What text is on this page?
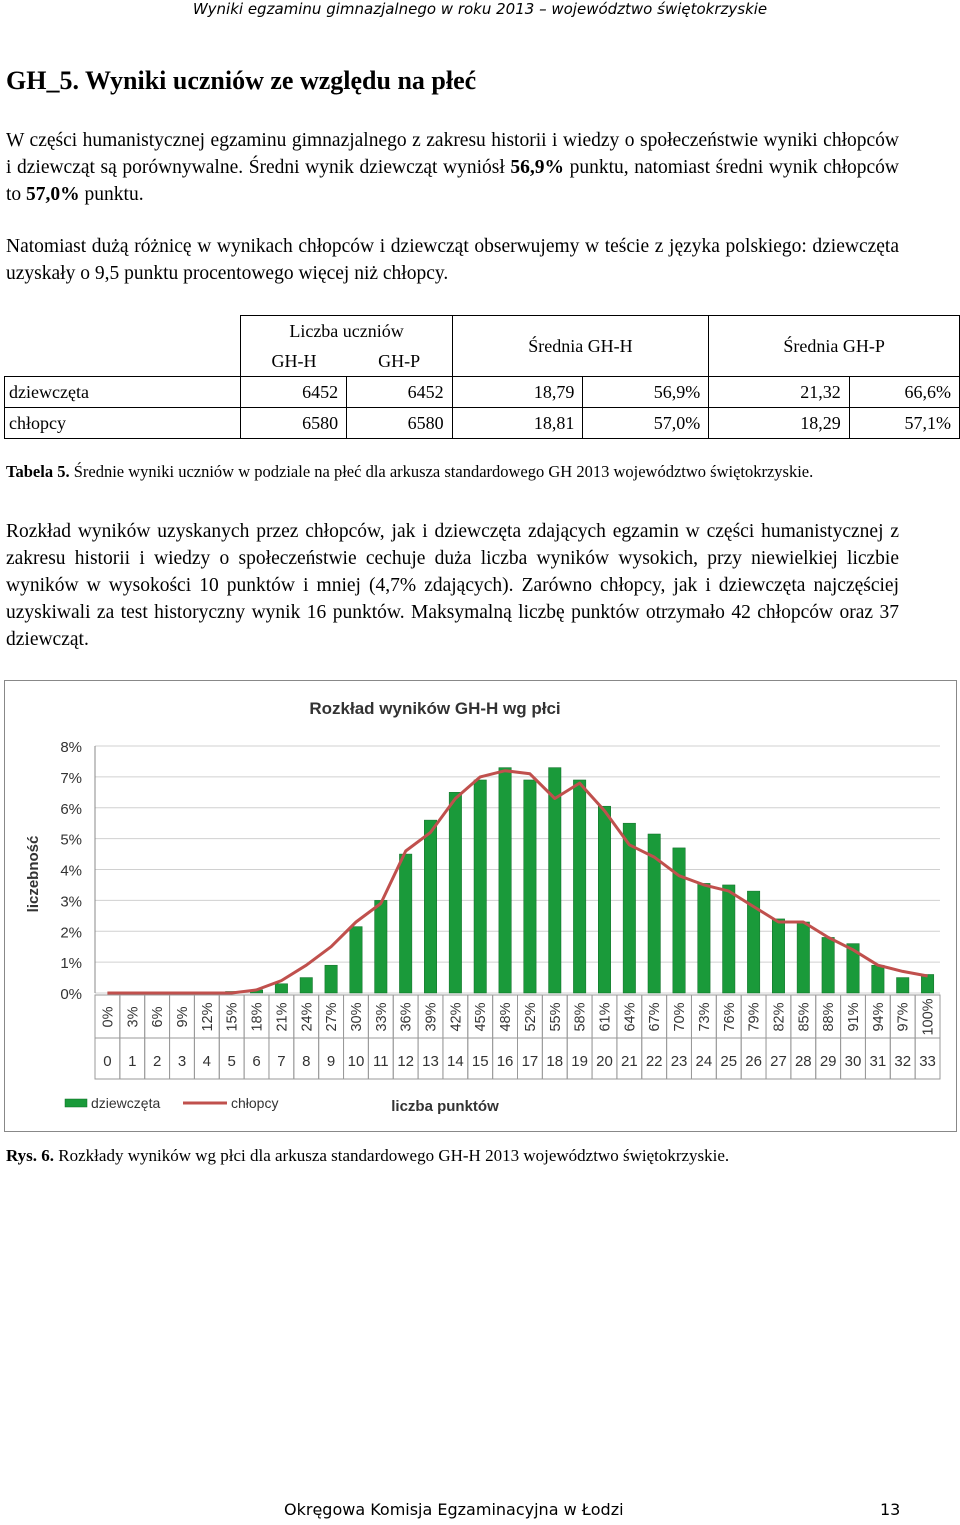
Wyniki egzaminu gimnazjalnego w roku 2013 – województwo świętokrzyskie
GH_5. Wyniki uczniów ze względu na płeć
W części humanistycznej egzaminu gimnazjalnego z zakresu historii i wiedzy o społeczeństwie wyniki chłopców i dziewcząt są porównywalne. Średni wynik dziewcząt wyniósł 56,9% punktu, natomiast średni wynik chłopców to 57,0% punktu.
Natomiast dużą różnicę w wynikach chłopców i dziewcząt obserwujemy w teście z języka polskiego: dziewczęta uzyskały o 9,5 punktu procentowego więcej niż chłopcy.
	Liczba uczniów		Średnia GH-H		Średnia GH-P	
	GH-H	GH-P				
dziewczęta	6452	6452	18,79	56,9%	21,32	66,6%
chłopcy	6580	6580	18,81	57,0%	18,29	57,1%
Tabela 5. Średnie wyniki uczniów w podziale na płeć dla arkusza standardowego GH 2013 województwo świętokrzyskie.
Rozkład wyników uzyskanych przez chłopców, jak i dziewczęta zdających egzamin w części humanistycznej z zakresu historii i wiedzy o społeczeństwie cechuje duża liczba wyników wysokich, przy niewielkiej liczbie wyników w wysokości 10 punktów i mniej (4,7% zdających). Zarówno chłopcy, jak i dziewczęta najczęściej uzyskiwali za test historyczny wynik 16 punktów. Maksymalną liczbę punktów otrzymało 42 chłopców oraz 37 dziewcząt.
Rozkład wyników GH-H wg płci
liczebność
liczba punktów
0%
1%
2%
3%
4%
5%
6%
7%
8%
0% 3% 6% 9% 12% 15% 18% 21% 24% 27% 30% 33% 36% 39% 42% 45% 48% 52% 55% 58% 61% 64% 67% 70% 73% 76% 79% 82% 85% 88% 91% 94% 97% 100%
0 1 2 3 4 5 6 7 8 9 10 11 12 13 14 15 16 17 18 19 20 21 22 23 24 25 26 27 28 29 30 31 32 33
dziewczęta	chłopcy
Rys. 6. Rozkłady wyników wg płci dla arkusza standardowego GH-H 2013 województwo świętokrzyskie.
Okręgowa Komisja Egzaminacyjna w Łodzi	13
